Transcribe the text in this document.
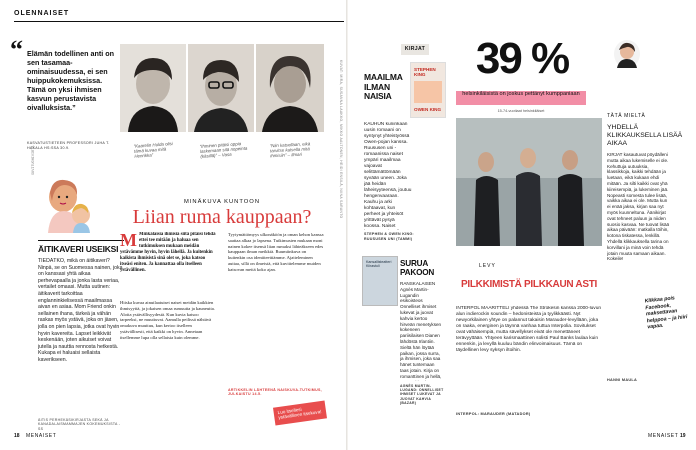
OLENNAISET
“ Elämän todellinen anti on sen tasamaa-ominaisuudessa, ei sen huippukokemuksissa. Tämä on yksi ihmisen kasvun perustavista oivalluksista.”
KASVATUSTIETEEN PROFESSORI JUHA T. HAKALA HS:SSA 30.9.
SUVITUOHIVIRTA
ÄITIKAVERI USEIKSI
TIEDÄTKÖ, mikä on äitikaveri? Ninpä, se on Suomessa nainen, joka on kanssasi yhtä aikaa perhevapaalla ja jonka lasta veriaa, vertailet omaasi. Mutta uutinen: äitikaverit tarkoittaa englanninkielisessä maailmassa aivan en asiaa. Mom Friend onkin sellainen ihana, tärkeä ja vähän raskas myös ystävä, joka on jäsen, jolla on pien lapsia, jotka ovat hyvin hyvin kavereita. Lapset leikkivät keskenään, joten aikuiset voivat jutella ja nauttia rennosta hetkestä. Kukapa ei haluaisi sellaista kaverikseen.
ÄITIS PERHEKÄSIKIRJASTA SEKÄ JA KANADALAISMAMMAJEN KOKEMUKSISTA - SS
”Kaarelin Hulda olisi tämä kuvaa mitä Henrikka”
”Ihminen pitäisi oppia laskemaan sitä nopeinta (käsillä)” – Vasa
”Niin katsellaan, eikä tarvitse katsella mitä ihmisiin” – Ilmari
MINÄKUVA KUNTOON
Liian ruma kauppaan?
M Minkälaisia ihmisiä siitä pitäisi tehdä ettei tee mitään ja haluaa sen tutkimuksen mukaan meidän ystävämme hyvin, hyvin lähellä. Ja kuitenkin kaikista ihmisistä sinä olet se, joka katsoo itseäsi eniten. Ja kannattaa olla itselleen ystävällinen.
Hiiska kuvaa ainutlaatuiset naiset meidän kaikkien ihmisyyttä, ja jokaisen omaa rumuutta ja kauneutta. Aloita ystävällisyydestä. Kun kuvia katsoo tarpeeksi, ne muuttuvat. Aamulla peilissä nähtävä omakuva muuttuu, kun kertoo itselleen ystävällisesti, että kaikki on hyvin. Annetaan itsellemme lupa olla sellaisia kuin olemme.
Tyytymättömyys ulkonäköön ja oman kehon kanssa saattaa alkaa jo lapsena. Tutkimusten mukaan moni nainen kokee itsensä liian rumaksi lähteäkseen edes kauppaan ilman meikkiä. Ruumiinkuva on kuitenkin osa identiteettiämme. Ajatteleminen auttaa, sillä on ilmeistä, että kuvittelemme muiden katsovan meitä koko ajan.
ARTIKKELIN LÄHTEENÄ NAISKUVA-TUTKIMUS, JULKAISTU 14.5.
Luo itsellesi ystävällinen itsekuva!
18 MENAISET
KUVAT: MIRA, SUSANNA LAAKKO, MIKKO AALTONEN, HEIDI ENSILÄ, NIINA SARANTO
KIRJAT
MAAILMA ILMAN NAISIA
STEPHEN KING
OWEN KING
KAUHUN kuninkaan uusin romaani on syntynyt yhteistyössä Owen-pojan kanssa. Ruususen uni -romaanissa naiset ympäri maailmaa vajoavat selittämättömään syvään uneen. Joka jää heidän läheisyyteensä, joutuu hengenvaaraan. Kauhu ja arki kohtaavat, kun perheet ja yhteisöt yrittävät pysyä koossa. Naiset
STEPHEN & OWEN KING: RUUSUSEN UNI (TAMMI)
Kansallisteatteri Kiirastuli	SURUA PAKOON
RANSKALAISEN Agnès Martin-Lugandin esikoisteos Onnelliset ihmiset lukevat ja juovat kahvia kertoo hirveän menetyksen kokeneen pariisilaisen Dianen lähdöstä Irlantiin. Sieltä hän löytää paikan, jossa surra, ja ihmisen, joka saa hänet tuntemaan taas jotain. Kirja on romanttinen ja hellä,
AGNÈS MARTIN-LUGAND: ONNELLISET IHMISET LUKEVAT JA JUOVAT KAHVIA (BAZAR)
39 %
helsinkiläisistä on joskus pettänyt kumppaniaan
15-74-vuotiaat helsinkiläiset
LEVY
PILKKIMISTÄ PILKKAUN ASTI
INTERPOL MÄÄRITTELI yhdessä The Strokesin kanssa 2000-luvun alun indierockin soundin – hedonisteista ja tyylikkäästi. Nyt newyorkilainen yhtye on palannut takaisin Marauder-levyllään, joka on raaka, energinen ja täynnä vanhaa tuttua Interpolia. Sovitukset ovat vähäisempiä, mutta sävellykset eivät ole menettäneet terävyyttään. Yhtyeen karismaattinen solisti Paul Banks laulaa kuin ennenkin, ja levyllä kuuluu bändin elinvoimaisuus. Tämä on täydellinen levy syksyn iltoihin.
INTERPOL: MARAUDER (MATADOR)
TÄTÄ MIELTÄ
YHDELLÄ KLIKKAUKSELLA LISÄÄ AIKAA
KIRJAT kasautuvat pöydälleni mutta aikaa lukemiselle ei ole. Kehuttuja uutuuksia, klassikkoja, kaikki tehdään ja luetaan, eikä kukaan ehdi mitään. Ja silti kaikki ovat yhä kiireisempiä, ja lukeminen jää. Nopeasti somesta tulee lisää, vaikka aikaa ei ole. Mutta kun ei enää jaksa, kirjan saa nyt myös kuunneltuna. Äänikirjat ovat tehneet paluun ja niiden suosio kasvaa. Ne tuovat lisää aikaa päivään: matkalla töihin, kotona tiskatessa, lenkillä. Yhdellä klikkauksella tarina on korvillani ja minä voin tehdä jotain muuta samaan aikaan. Kokeile!
Klikkaa pois Facebook, maksettavan helppoa – ja hiiri vapaa.
HANNI MAULA
MENAISET 19
